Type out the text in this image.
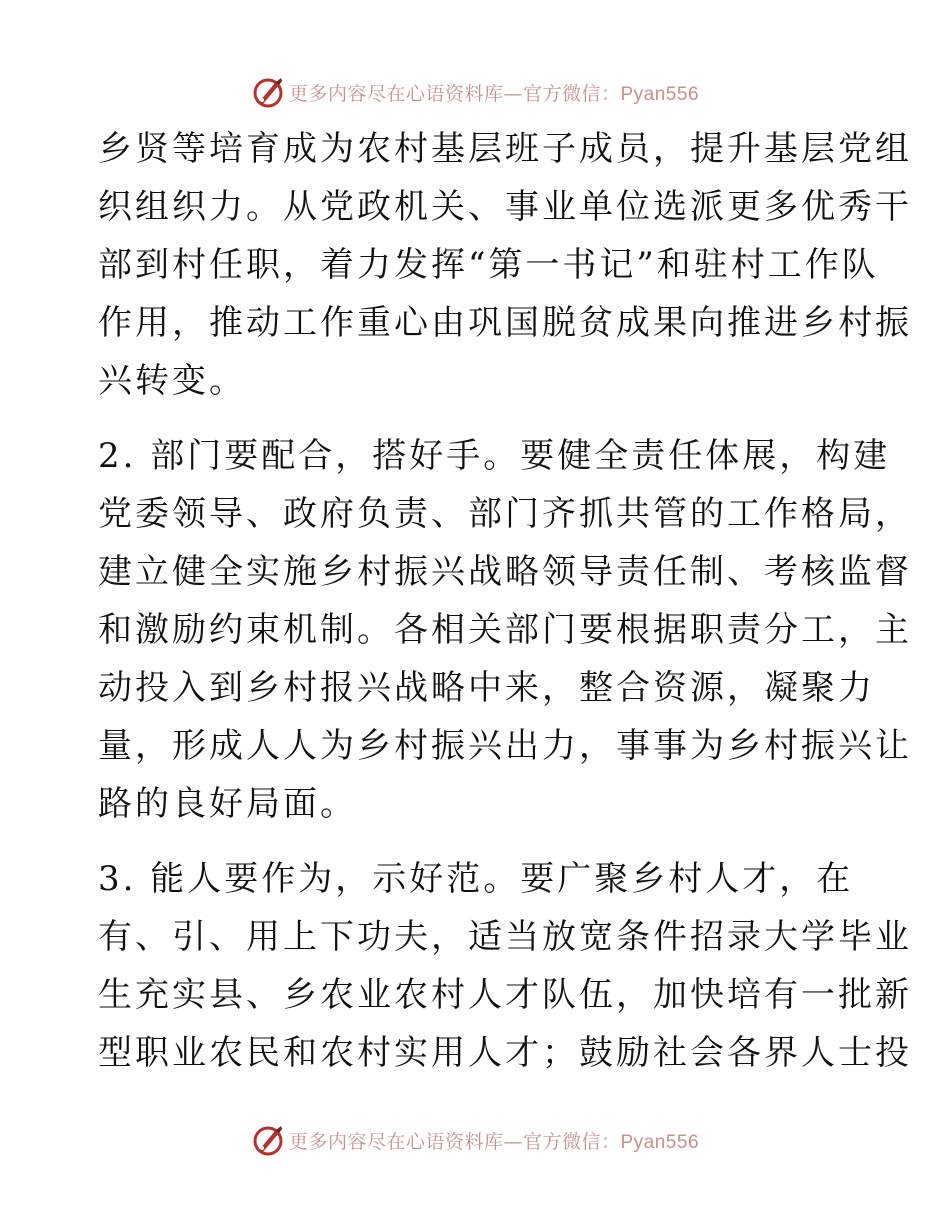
更多内容尽在心语资料库—官方微信：Pyan556

乡贤等培育成为农村基层班子成员，提升基层党组
织组织力。从党政机关、事业单位选派更多优秀干
部到村任职，着力发挥“第一书记”和驻村工作队
作用，推动工作重心由巩国脱贫成果向推进乡村振
兴转变。

2. 部门要配合，搭好手。要健全责任体展，构建
党委领导、政府负责、部门齐抓共管的工作格局，
建立健全实施乡村振兴战略领导责任制、考核监督
和激励约束机制。各相关部门要根据职责分工，主
动投入到乡村报兴战略中来，整合资源，凝聚力
量，形成人人为乡村振兴出力，事事为乡村振兴让
路的良好局面。

3. 能人要作为，示好范。要广聚乡村人才，在
有、引、用上下功夫，适当放宽条件招录大学毕业
生充实县、乡农业农村人才队伍，加快培有一批新
型职业农民和农村实用人才；鼓励社会各界人士投

更多内容尽在心语资料库—官方微信：Pyan556
